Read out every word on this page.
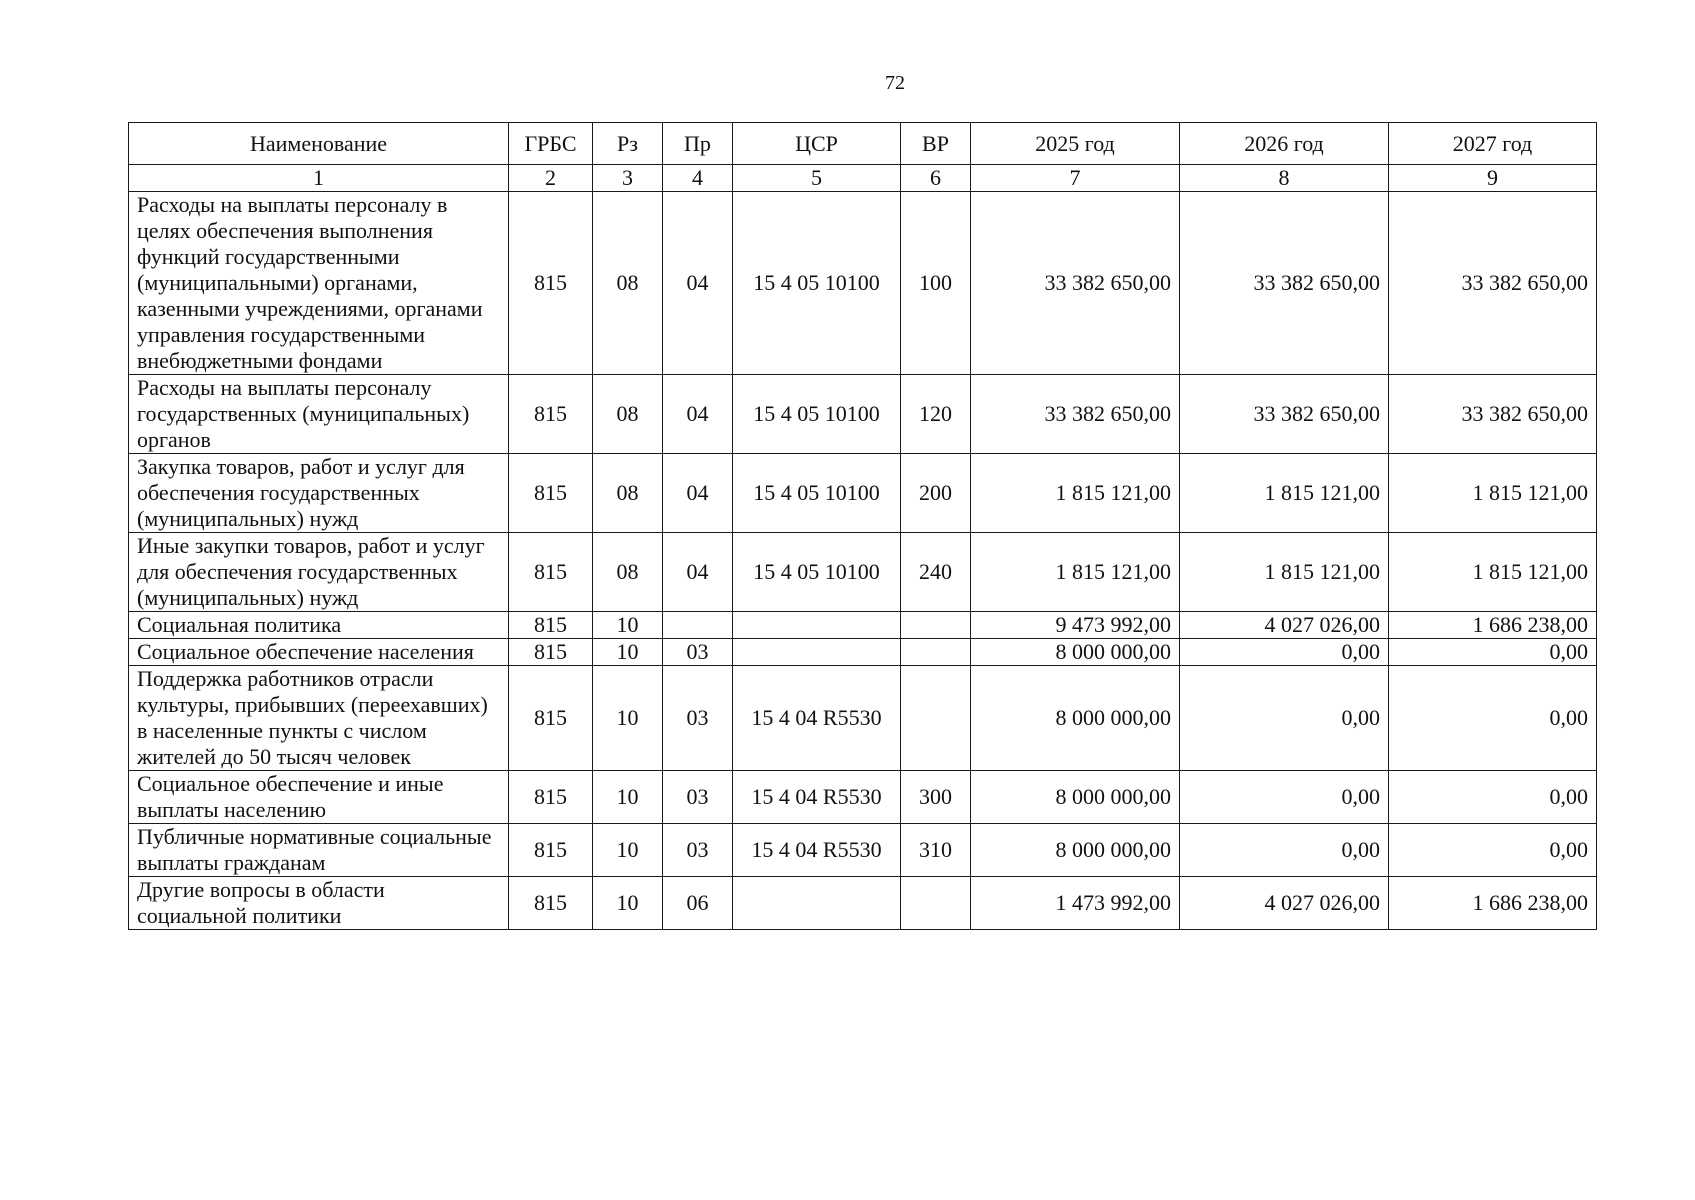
72
Наименование	ГРБС	Рз	Пр	ЦСР	ВР	2025 год	2026 год	2027 год
1	2	3	4	5	6	7	8	9
Расходы на выплаты персоналу в целях обеспечения выполнения функций государственными (муниципальными) органами, казенными учреждениями, органами управления государственными внебюджетными фондами	815	08	04	15 4 05 10100	100	33 382 650,00	33 382 650,00	33 382 650,00
Расходы на выплаты персоналу государственных (муниципальных) органов	815	08	04	15 4 05 10100	120	33 382 650,00	33 382 650,00	33 382 650,00
Закупка товаров, работ и услуг для обеспечения государственных (муниципальных) нужд	815	08	04	15 4 05 10100	200	1 815 121,00	1 815 121,00	1 815 121,00
Иные закупки товаров, работ и услуг для обеспечения государственных (муниципальных) нужд	815	08	04	15 4 05 10100	240	1 815 121,00	1 815 121,00	1 815 121,00
Социальная политика	815	10				9 473 992,00	4 027 026,00	1 686 238,00
Социальное обеспечение населения	815	10	03			8 000 000,00	0,00	0,00
Поддержка работников отрасли культуры, прибывших (переехавших) в населенные пункты с числом жителей до 50 тысяч человек	815	10	03	15 4 04 R5530		8 000 000,00	0,00	0,00
Социальное обеспечение и иные выплаты населению	815	10	03	15 4 04 R5530	300	8 000 000,00	0,00	0,00
Публичные нормативные социальные выплаты гражданам	815	10	03	15 4 04 R5530	310	8 000 000,00	0,00	0,00
Другие вопросы в области социальной политики	815	10	06			1 473 992,00	4 027 026,00	1 686 238,00
